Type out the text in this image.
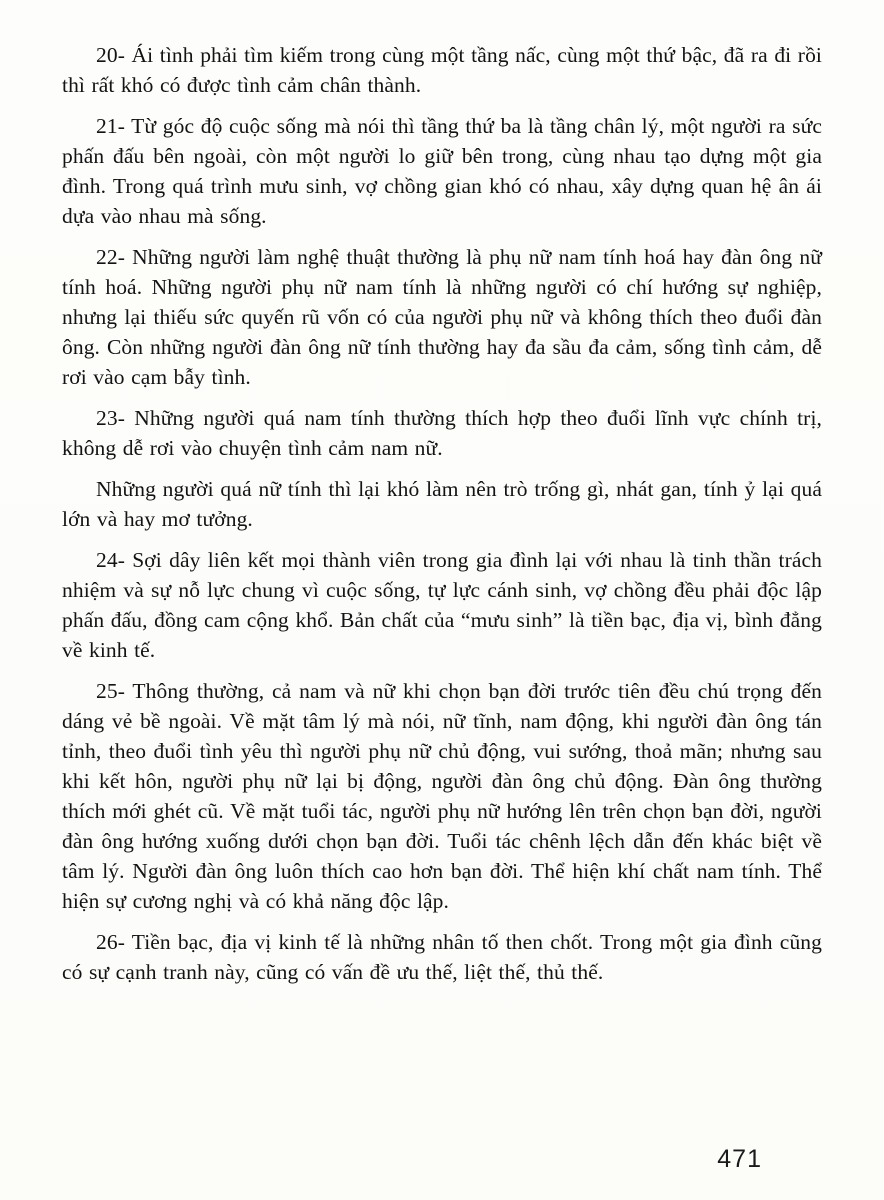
20- Ái tình phải tìm kiếm trong cùng một tầng nấc, cùng một thứ bậc, đã ra đi rồi thì rất khó có được tình cảm chân thành.

21- Từ góc độ cuộc sống mà nói thì tầng thứ ba là tầng chân lý, một người ra sức phấn đấu bên ngoài, còn một người lo giữ bên trong, cùng nhau tạo dựng một gia đình. Trong quá trình mưu sinh, vợ chồng gian khó có nhau, xây dựng quan hệ ân ái dựa vào nhau mà sống.

22- Những người làm nghệ thuật thường là phụ nữ nam tính hoá hay đàn ông nữ tính hoá. Những người phụ nữ nam tính là những người có chí hướng sự nghiệp, nhưng lại thiếu sức quyến rũ vốn có của người phụ nữ và không thích theo đuổi đàn ông. Còn những người đàn ông nữ tính thường hay đa sầu đa cảm, sống tình cảm, dễ rơi vào cạm bẫy tình.

23- Những người quá nam tính thường thích hợp theo đuổi lĩnh vực chính trị, không dễ rơi vào chuyện tình cảm nam nữ.

Những người quá nữ tính thì lại khó làm nên trò trống gì, nhát gan, tính ỷ lại quá lớn và hay mơ tưởng.

24- Sợi dây liên kết mọi thành viên trong gia đình lại với nhau là tinh thần trách nhiệm và sự nỗ lực chung vì cuộc sống, tự lực cánh sinh, vợ chồng đều phải độc lập phấn đấu, đồng cam cộng khổ. Bản chất của “mưu sinh” là tiền bạc, địa vị, bình đẳng về kinh tế.

25- Thông thường, cả nam và nữ khi chọn bạn đời trước tiên đều chú trọng đến dáng vẻ bề ngoài. Về mặt tâm lý mà nói, nữ tĩnh, nam động, khi người đàn ông tán tỉnh, theo đuổi tình yêu thì người phụ nữ chủ động, vui sướng, thoả mãn; nhưng sau khi kết hôn, người phụ nữ lại bị động, người đàn ông chủ động. Đàn ông thường thích mới ghét cũ. Về mặt tuổi tác, người phụ nữ hướng lên trên chọn bạn đời, người đàn ông hướng xuống dưới chọn bạn đời. Tuổi tác chênh lệch dẫn đến khác biệt về tâm lý. Người đàn ông luôn thích cao hơn bạn đời. Thể hiện khí chất nam tính. Thể hiện sự cương nghị và có khả năng độc lập.

26- Tiền bạc, địa vị kinh tế là những nhân tố then chốt. Trong một gia đình cũng có sự cạnh tranh này, cũng có vấn đề ưu thế, liệt thế, thủ thế.

471
